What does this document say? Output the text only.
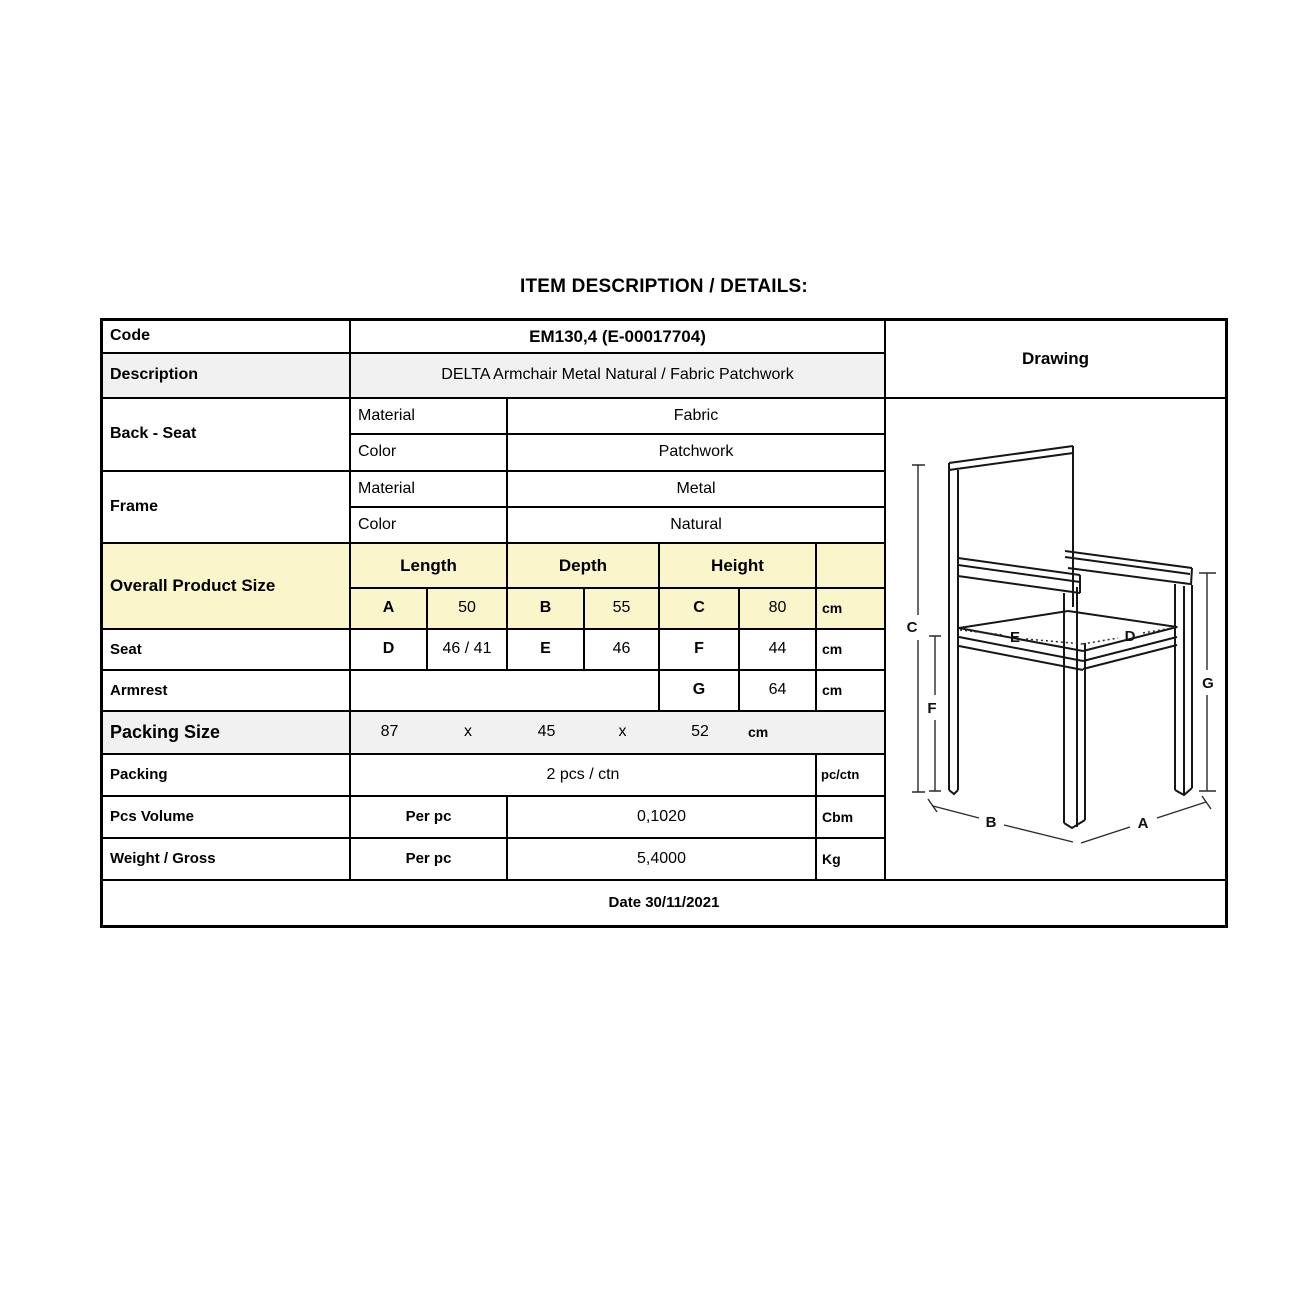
ITEM DESCRIPTION / DETAILS:
Code	EM130,4 (E-00017704)
Drawing
Description	DELTA Armchair Metal Natural / Fabric Patchwork
Back - Seat
Material	Fabric
Color	Patchwork
C
F
G
E	D
B	A
Frame
Material	Metal
Color	Natural
Overall Product Size
Length	Depth	Height
A	50	B	55	C	80	cm
Seat	D	46 / 41	E	46	F	44	cm
Armrest	G	64	cm
Packing Size	87	x	45	x	52	cm
Packing	2 pcs / ctn	pc/ctn
Pcs Volume	Per pc	0,1020	Cbm
Weight / Gross	Per pc	5,4000	Kg
Date 30/11/2021
